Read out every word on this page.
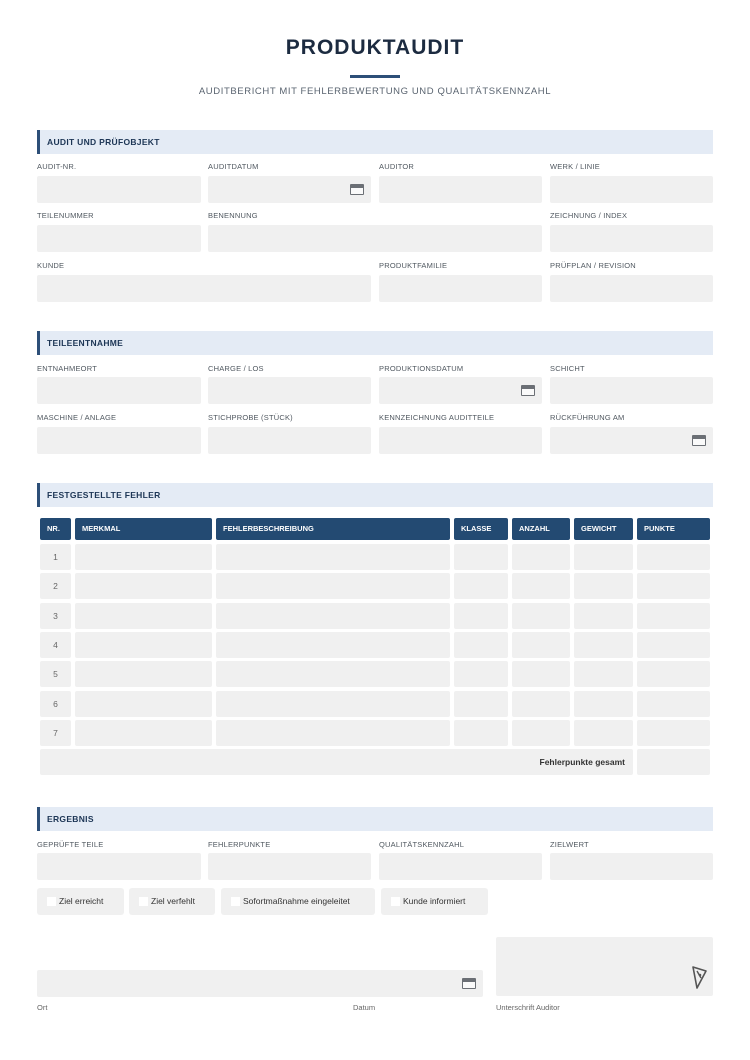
PRODUKTAUDIT
AUDITBERICHT MIT FEHLERBEWERTUNG UND QUALITÄTSKENNZAHL
AUDIT UND PRÜFOBJEKT
AUDIT-NR.	AUDITDATUM	AUDITOR	WERK / LINIE
TEILENUMMER	BENENNUNG	ZEICHNUNG / INDEX
KUNDE	PRODUKTFAMILIE	PRÜFPLAN / REVISION
TEILEENTNAHME
ENTNAHMEORT	CHARGE / LOS	PRODUKTIONSDATUM	SCHICHT
MASCHINE / ANLAGE	STICHPROBE (STÜCK)	KENNZEICHNUNG AUDITTEILE	RÜCKFÜHRUNG AM
FESTGESTELLTE FEHLER
NR.	MERKMAL	FEHLERBESCHREIBUNG	KLASSE	ANZAHL	GEWICHT	PUNKTE
1
2
3
4
5
6
7
Fehlerpunkte gesamt
ERGEBNIS
GEPRÜFTE TEILE	FEHLERPUNKTE	QUALITÄTSKENNZAHL	ZIELWERT
Ziel erreicht	Ziel verfehlt	Sofortmaßnahme eingeleitet	Kunde informiert
Ort	Datum	Unterschrift Auditor
